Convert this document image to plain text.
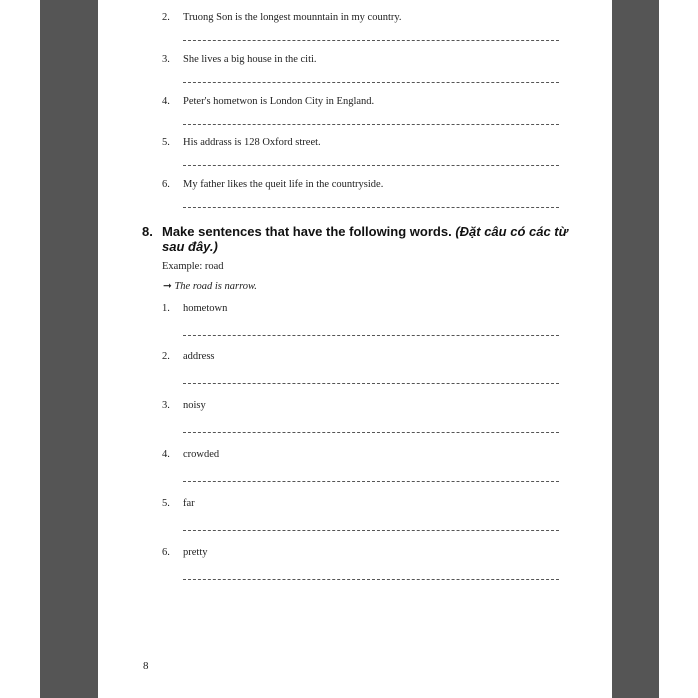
2. Truong Son is the longest mounntain in my country.
3. She lives a big house in the citi.
4. Peter's hometwon is London City in England.
5. His addrass is 128 Oxford street.
6. My father likes the queit life in the countryside.
8. Make sentences that have the following words. (Đặt câu có các từ
sau đây.)
Example: road
➞ The road is narrow.
1. hometown
2. address
3. noisy
4. crowded
5. far
6. pretty
8
